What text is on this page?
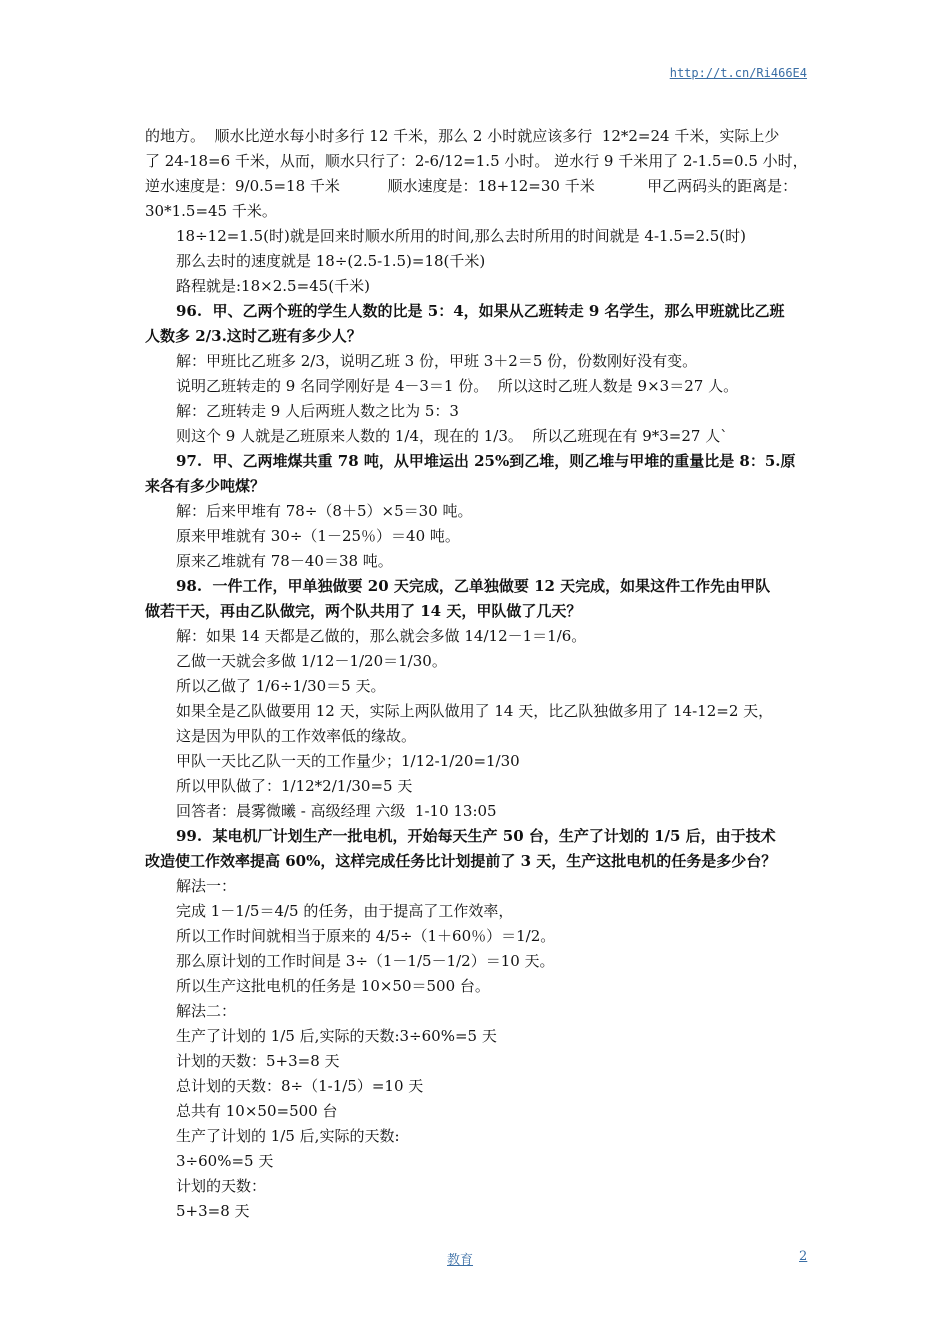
http://t.cn/Ri466E4

的地方。  顺水比逆水每小时多行 12 千米，那么 2 小时就应该多行  12*2=24 千米，实际上少

了 24-18=6 千米，从而，顺水只行了：2-6/12=1.5 小时。 逆水行 9 千米用了 2-1.5=0.5 小时，

逆水速度是：9/0.5=18 千米          顺水速度是：18+12=30 千米           甲乙两码头的距离是：

30*1.5=45 千米。

18÷12=1.5(时)就是回来时顺水所用的时间,那么去时所用的时间就是 4-1.5=2.5(时)

那么去时的速度就是 18÷(2.5-1.5)=18(千米)

路程就是:18×2.5=45(千米)

96.  甲、乙两个班的学生人数的比是 5：4，如果从乙班转走 9 名学生，那么甲班就比乙班

人数多 2/3.这时乙班有多少人？

解：甲班比乙班多 2/3，说明乙班 3 份，甲班 3＋2＝5 份，份数刚好没有变。

说明乙班转走的 9 名同学刚好是 4－3＝1 份。  所以这时乙班人数是 9×3＝27 人。

解：乙班转走 9 人后两班人数之比为 5：3

则这个 9 人就是乙班原来人数的 1/4，现在的 1/3。  所以乙班现在有 9*3=27 人`

97.  甲、乙两堆煤共重 78 吨，从甲堆运出 25%到乙堆，则乙堆与甲堆的重量比是 8：5.原

来各有多少吨煤？

解：后来甲堆有 78÷（8＋5）×5＝30 吨。

原来甲堆就有 30÷（1－25％）＝40 吨。

原来乙堆就有 78－40＝38 吨。

98.  一件工作，甲单独做要 20 天完成，乙单独做要 12 天完成，如果这件工作先由甲队

做若干天，再由乙队做完，两个队共用了 14 天，甲队做了几天？

解：如果 14 天都是乙做的，那么就会多做 14/12－1＝1/6。

乙做一天就会多做 1/12－1/20＝1/30。

所以乙做了 1/6÷1/30＝5 天。

如果全是乙队做要用 12 天，实际上两队做用了 14 天，比乙队独做多用了 14-12=2 天，

这是因为甲队的工作效率低的缘故。

甲队一天比乙队一天的工作量少；1/12-1/20=1/30

所以甲队做了：1/12*2/1/30=5 天

回答者：晨雾微曦 - 高级经理 六级  1-10 13:05

99.  某电机厂计划生产一批电机，开始每天生产 50 台，生产了计划的 1/5 后，由于技术

改造使工作效率提高 60%，这样完成任务比计划提前了 3 天，生产这批电机的任务是多少台？

解法一：

完成 1－1/5＝4/5 的任务，由于提高了工作效率，

所以工作时间就相当于原来的 4/5÷（1＋60％）＝1/2。

那么原计划的工作时间是 3÷（1－1/5－1/2）＝10 天。

所以生产这批电机的任务是 10×50＝500 台。

解法二：

生产了计划的 1/5 后,实际的天数:3÷60%=5 天

计划的天数：5+3=8 天

总计划的天数：8÷（1-1/5）=10 天

总共有 10×50=500 台

生产了计划的 1/5 后,实际的天数:

3÷60%=5 天

计划的天数：

5+3=8 天

教育	2
